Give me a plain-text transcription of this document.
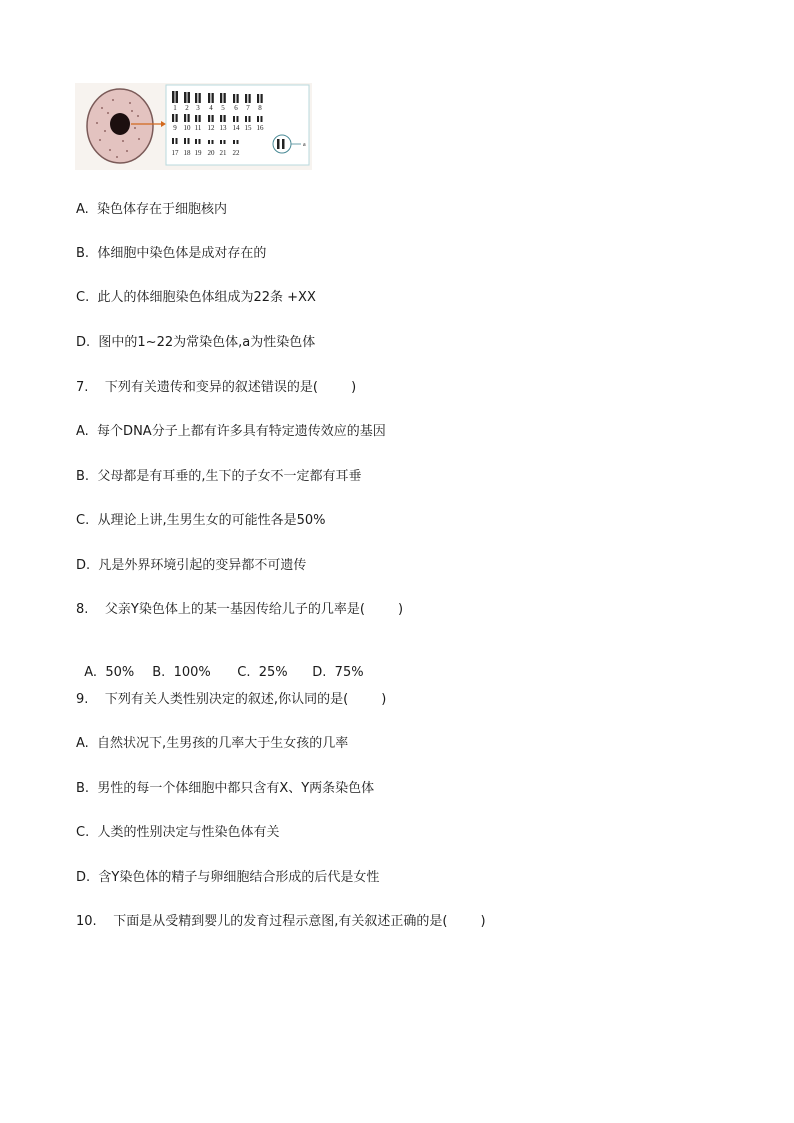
1 2 3 4 5 6 7 8
9 10 11 12 13 14 15 16
17 18 19 20 21 22
a
A.  染色体存在于细胞核内
B.  体细胞中染色体是成对存在的
C.  此人的体细胞染色体组成为22条 +XX
D.  图中的1~22为常染色体,a为性染色体
7.    下列有关遗传和变异的叙述错误的是(        )
A.  每个DNA分子上都有许多具有特定遗传效应的基因
B.  父母都是有耳垂的,生下的子女不一定都有耳垂
C.  从理论上讲,生男生女的可能性各是50%
D.  凡是外界环境引起的变异都不可遗传
8.    父亲Y染色体上的某一基因传给儿子的几率是(        )

A.  50% B.  100% C.  25% D.  75%

9.    下列有关人类性别决定的叙述,你认同的是(        )
A.  自然状况下,生男孩的几率大于生女孩的几率
B.  男性的每一个体细胞中都只含有X、Y两条染色体
C.  人类的性别决定与性染色体有关
D.  含Y染色体的精子与卵细胞结合形成的后代是女性
10.    下面是从受精到婴儿的发育过程示意图,有关叙述正确的是(        )
